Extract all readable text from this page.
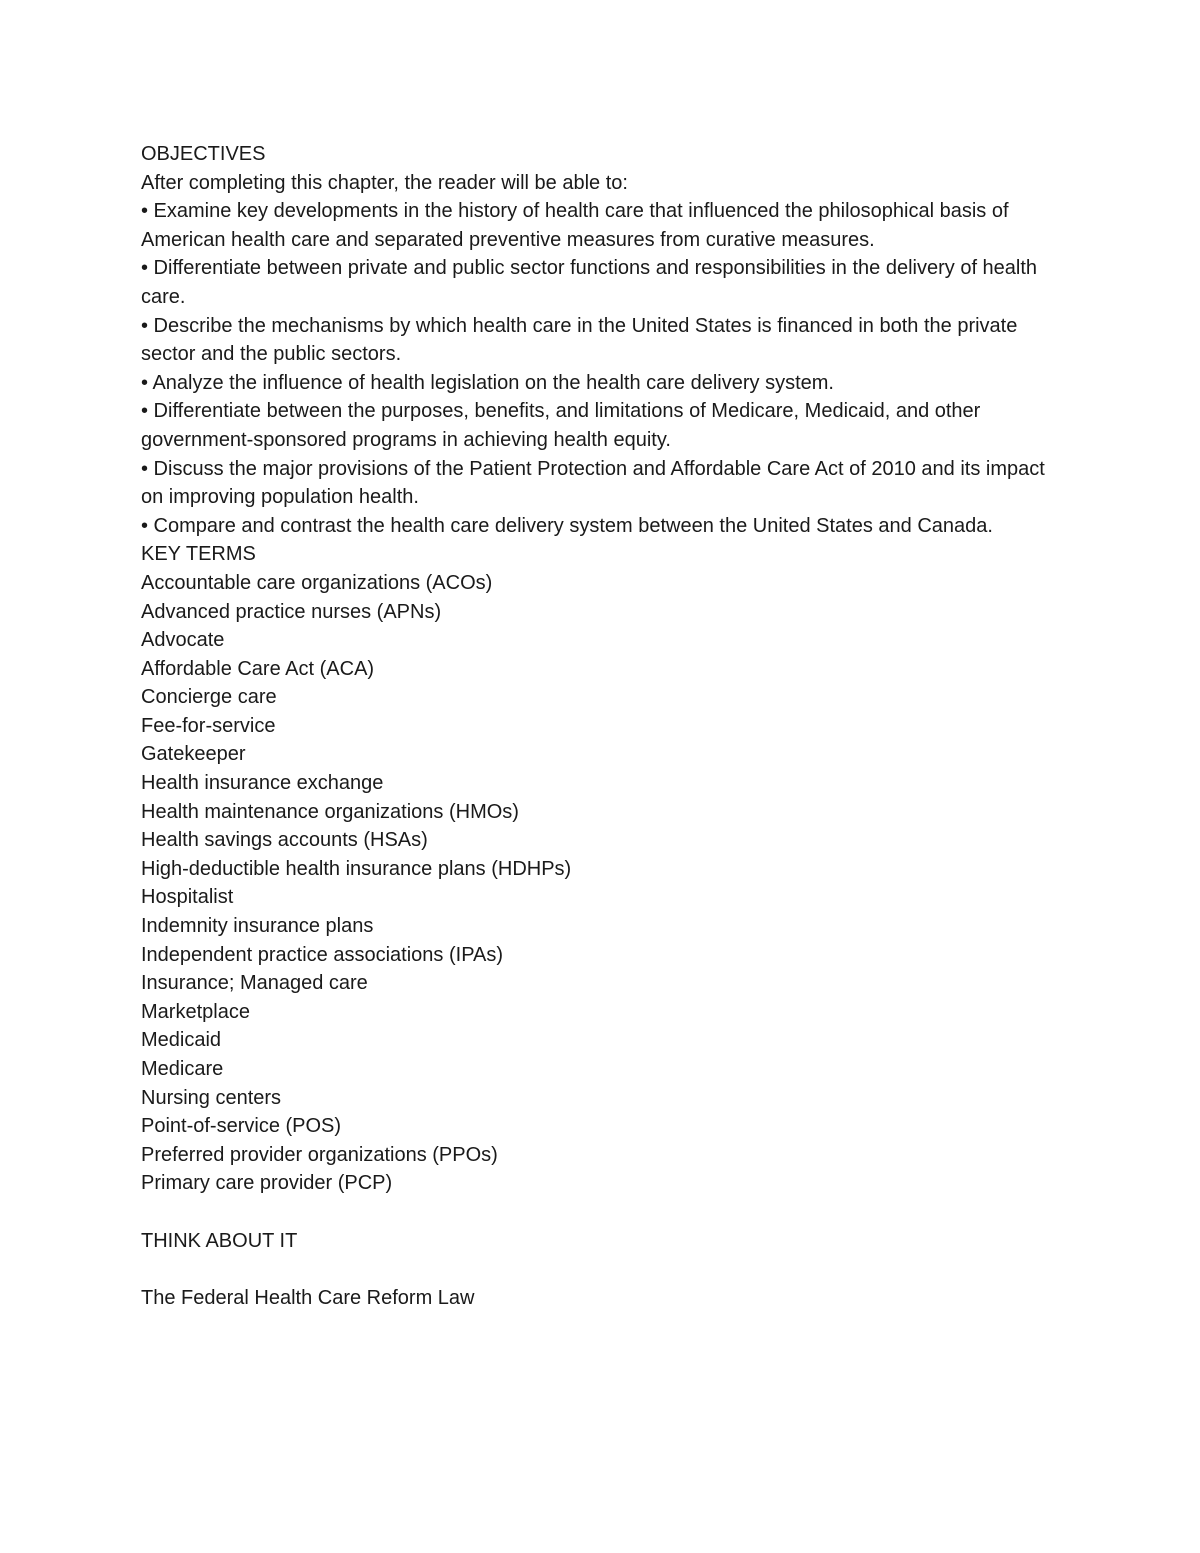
OBJECTIVES
After completing this chapter, the reader will be able to:
• Examine key developments in the history of health care that influenced the philosophical basis of American health care and separated preventive measures from curative measures.
• Differentiate between private and public sector functions and responsibilities in the delivery of health care.
• Describe the mechanisms by which health care in the United States is financed in both the private sector and the public sectors.
• Analyze the influence of health legislation on the health care delivery system.
• Differentiate between the purposes, benefits, and limitations of Medicare, Medicaid, and other government-sponsored programs in achieving health equity.
• Discuss the major provisions of the Patient Protection and Affordable Care Act of 2010 and its impact on improving population health.
• Compare and contrast the health care delivery system between the United States and Canada.
KEY TERMS
Accountable care organizations (ACOs)
Advanced practice nurses (APNs)
Advocate
Affordable Care Act (ACA)
Concierge care
Fee-for-service
Gatekeeper
Health insurance exchange
Health maintenance organizations (HMOs)
Health savings accounts (HSAs)
High-deductible health insurance plans (HDHPs)
Hospitalist
Indemnity insurance plans
Independent practice associations (IPAs)
Insurance; Managed care
Marketplace
Medicaid
Medicare
Nursing centers
Point-of-service (POS)
Preferred provider organizations (PPOs)
Primary care provider (PCP)
THINK ABOUT IT
The Federal Health Care Reform Law
